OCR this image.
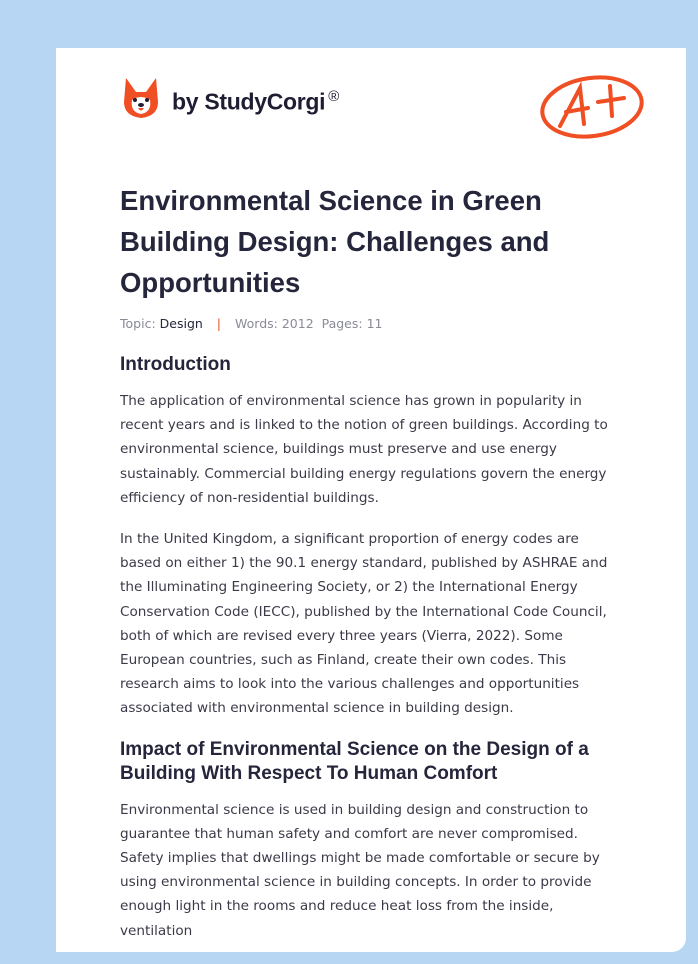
by StudyCorgi ®
Environmental Science in Green Building Design: Challenges and Opportunities
Topic: Design | Words: 2012 Pages: 11
Introduction

The application of environmental science has grown in popularity in recent years and is linked to the notion of green buildings. According to environmental science, buildings must preserve and use energy sustainably. Commercial building energy regulations govern the energy efficiency of non-residential buildings.

In the United Kingdom, a significant proportion of energy codes are based on either 1) the 90.1 energy standard, published by ASHRAE and the Illuminating Engineering Society, or 2) the International Energy Conservation Code (IECC), published by the International Code Council, both of which are revised every three years (Vierra, 2022). Some European countries, such as Finland, create their own codes. This research aims to look into the various challenges and opportunities associated with environmental science in building design.

Impact of Environmental Science on the Design of a Building With Respect To Human Comfort

Environmental science is used in building design and construction to guarantee that human safety and comfort are never compromised. Safety implies that dwellings might be made comfortable or secure by using environmental science in building concepts. In order to provide enough light in the rooms and reduce heat loss from the inside, ventilation
